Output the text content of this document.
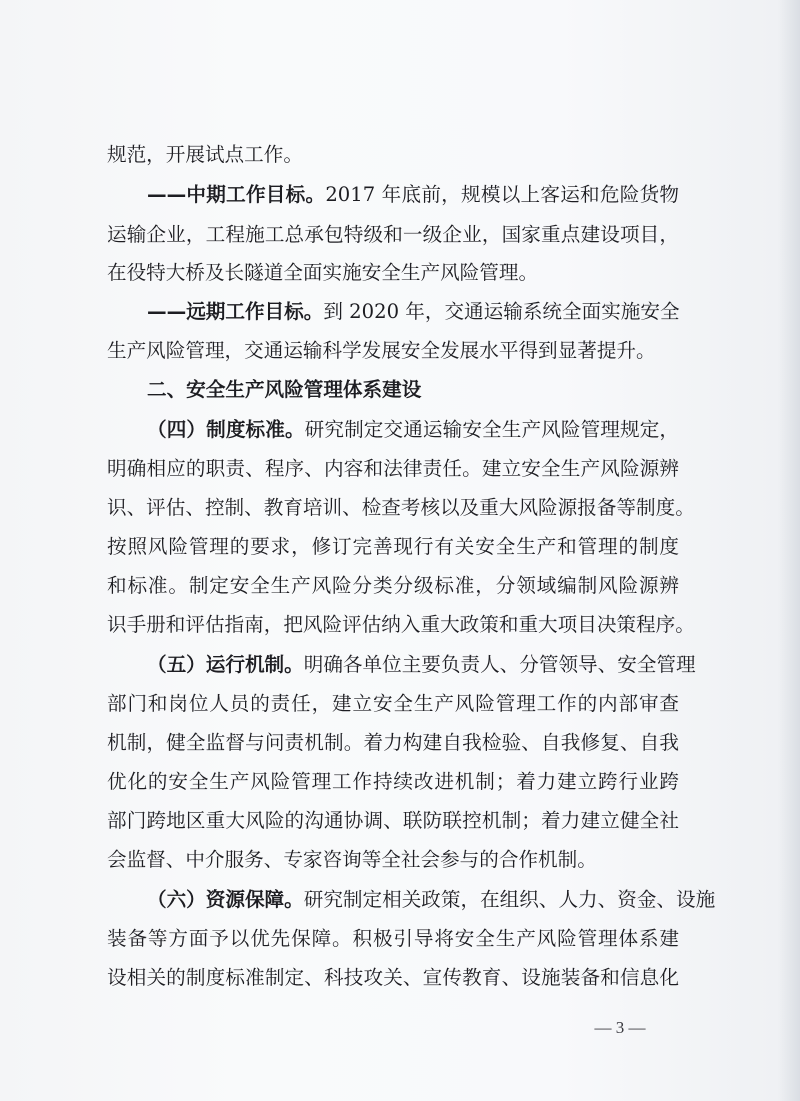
规范，开展试点工作。
——中期工作目标。2017 年底前，规模以上客运和危险货物
运输企业，工程施工总承包特级和一级企业，国家重点建设项目，
在役特大桥及长隧道全面实施安全生产风险管理。
——远期工作目标。到 2020 年，交通运输系统全面实施安全
生产风险管理，交通运输科学发展安全发展水平得到显著提升。
二、安全生产风险管理体系建设
（四）制度标准。研究制定交通运输安全生产风险管理规定，
明确相应的职责、程序、内容和法律责任。建立安全生产风险源辨
识、评估、控制、教育培训、检查考核以及重大风险源报备等制度。
按照风险管理的要求，修订完善现行有关安全生产和管理的制度
和标准。制定安全生产风险分类分级标准，分领域编制风险源辨
识手册和评估指南，把风险评估纳入重大政策和重大项目决策程序。
（五）运行机制。明确各单位主要负责人、分管领导、安全管理
部门和岗位人员的责任，建立安全生产风险管理工作的内部审查
机制，健全监督与问责机制。着力构建自我检验、自我修复、自我
优化的安全生产风险管理工作持续改进机制；着力建立跨行业跨
部门跨地区重大风险的沟通协调、联防联控机制；着力建立健全社
会监督、中介服务、专家咨询等全社会参与的合作机制。
（六）资源保障。研究制定相关政策，在组织、人力、资金、设施
装备等方面予以优先保障。积极引导将安全生产风险管理体系建
设相关的制度标准制定、科技攻关、宣传教育、设施装备和信息化
— 3 —
